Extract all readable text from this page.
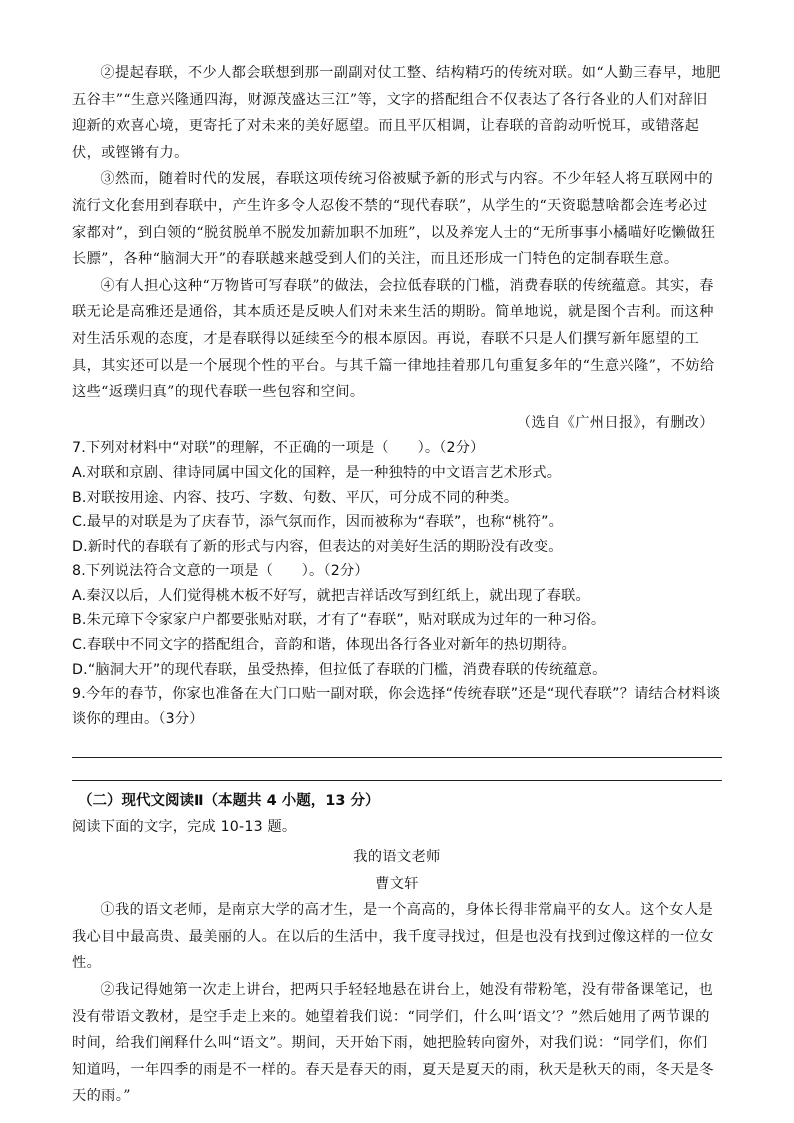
②提起春联，不少人都会联想到那一副副对仗工整、结构精巧的传统对联。如“人勤三春早，地肥五谷丰”“生意兴隆通四海，财源茂盛达三江”等，文字的搭配组合不仅表达了各行各业的人们对辞旧迎新的欢喜心境，更寄托了对未来的美好愿望。而且平仄相调，让春联的音韵动听悦耳，或错落起伏，或铿锵有力。

③然而，随着时代的发展，春联这项传统习俗被赋予新的形式与内容。不少年轻人将互联网中的流行文化套用到春联中，产生许多令人忍俊不禁的“现代春联”，从学生的“天资聪慧啥都会连考必过家都对”，到白领的“脱贫脱单不脱发加薪加职不加班”，以及养宠人士的“无所事事小橘喵好吃懒做狂长膘”，各种“脑洞大开”的春联越来越受到人们的关注，而且还形成一门特色的定制春联生意。

④有人担心这种“万物皆可写春联”的做法，会拉低春联的门槛，消费春联的传统蕴意。其实，春联无论是高雅还是通俗，其本质还是反映人们对未来生活的期盼。简单地说，就是图个吉利。而这种对生活乐观的态度，才是春联得以延续至今的根本原因。再说，春联不只是人们撰写新年愿望的工具，其实还可以是一个展现个性的平台。与其千篇一律地挂着那几句重复多年的“生意兴隆”，不妨给这些“返璞归真”的现代春联一些包容和空间。

（选自《广州日报》，有删改）

7.下列对材料中“对联”的理解，不正确的一项是（　　）。（2分）

A.对联和京剧、律诗同属中国文化的国粹，是一种独特的中文语言艺术形式。

B.对联按用途、内容、技巧、字数、句数、平仄，可分成不同的种类。

C.最早的对联是为了庆春节，添气氛而作，因而被称为“春联”，也称“桃符”。

D.新时代的春联有了新的形式与内容，但表达的对美好生活的期盼没有改变。

8.下列说法符合文意的一项是（　　）。（2分）

A.秦汉以后，人们觉得桃木板不好写，就把吉祥话改写到红纸上，就出现了春联。

B.朱元璋下令家家户户都要张贴对联，才有了“春联”，贴对联成为过年的一种习俗。

C.春联中不同文字的搭配组合，音韵和谐，体现出各行各业对新年的热切期待。

D.“脑洞大开”的现代春联，虽受热捧，但拉低了春联的门槛，消费春联的传统蕴意。

9.今年的春节，你家也准备在大门口贴一副对联，你会选择“传统春联”还是“现代春联”？请结合材料谈谈你的理由。（3分）

（二）现代文阅读Ⅱ（本题共 4 小题，13 分）

阅读下面的文字，完成 10-13 题。

我的语文老师

曹文轩

①我的语文老师，是南京大学的高才生，是一个高高的，身体长得非常扁平的女人。这个女人是我心目中最高贵、最美丽的人。在以后的生活中，我千度寻找过，但是也没有找到过像这样的一位女性。

②我记得她第一次走上讲台，把两只手轻轻地悬在讲台上，她没有带粉笔，没有带备课笔记，也没有带语文教材，是空手走上来的。她望着我们说：“同学们，什么叫‘语文’？”然后她用了两节课的时间，给我们阐释什么叫“语文”。期间，天开始下雨，她把脸转向窗外，对我们说：“同学们，你们知道吗，一年四季的雨是不一样的。春天是春天的雨，夏天是夏天的雨，秋天是秋天的雨，冬天是冬天的雨。”
